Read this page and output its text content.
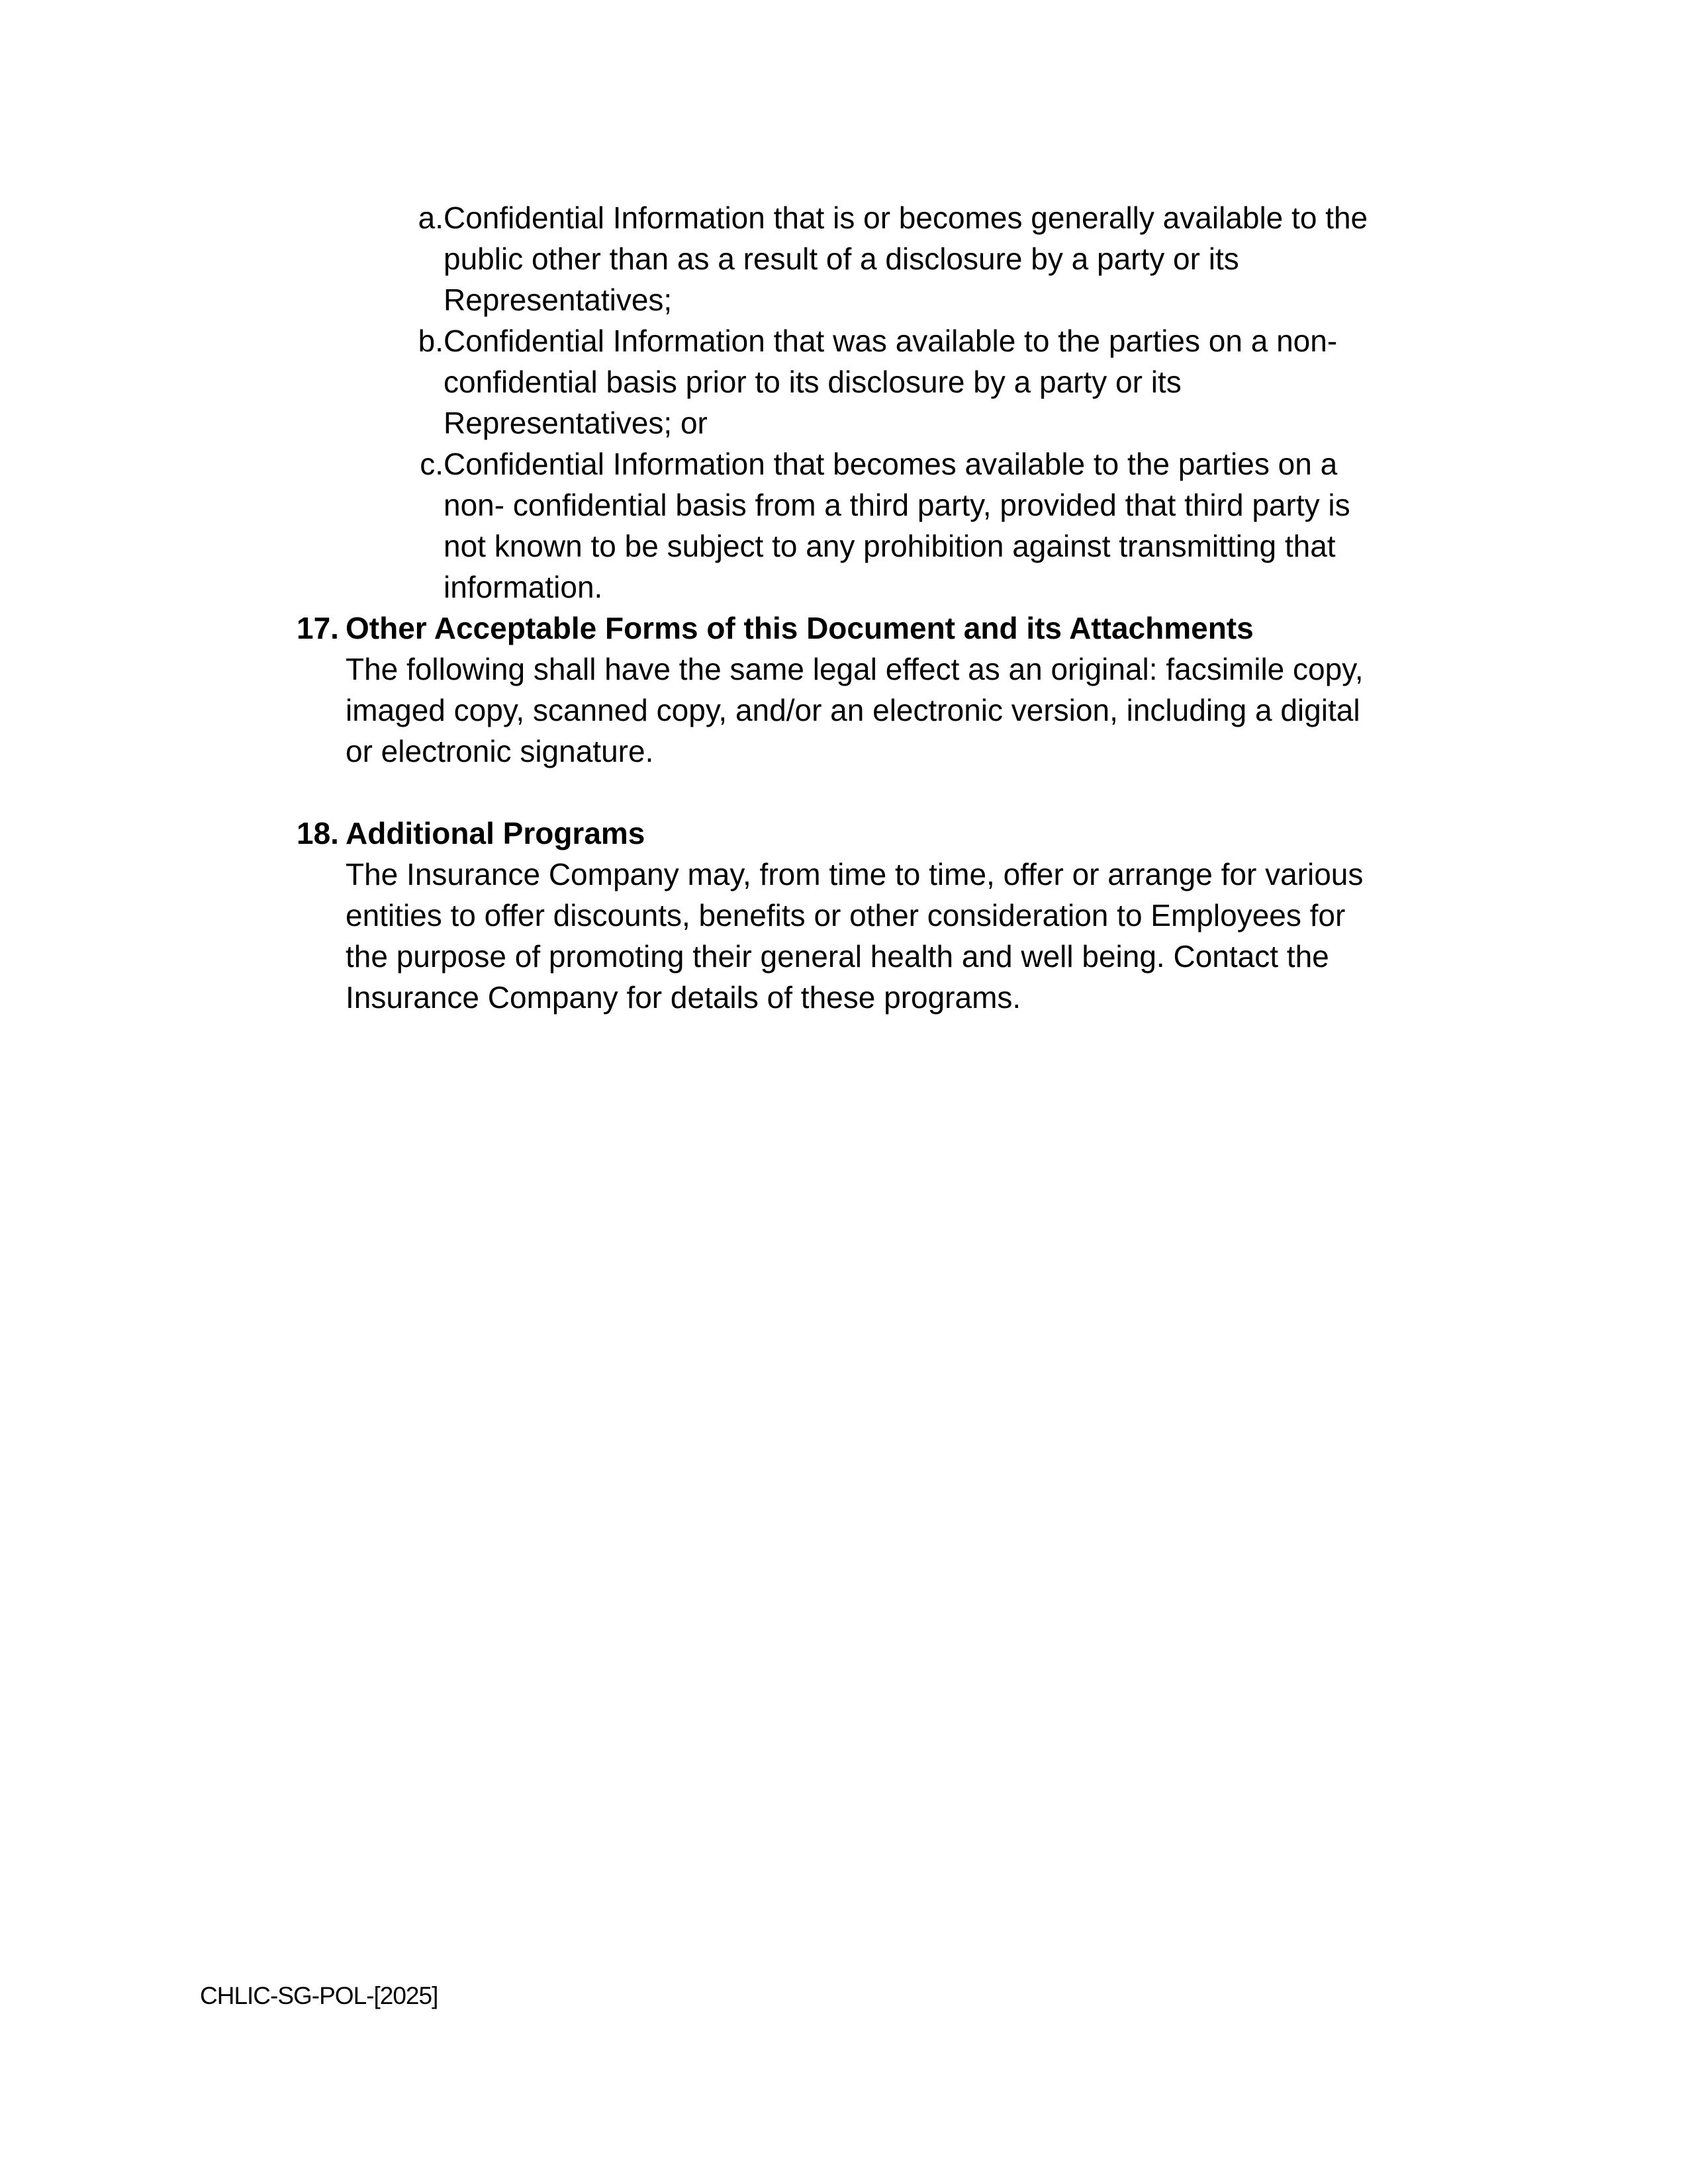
a. Confidential Information that is or becomes generally available to the
public other than as a result of a disclosure by a party or its
Representatives;
b. Confidential Information that was available to the parties on a non-
confidential basis prior to its disclosure by a party or its
Representatives; or
c. Confidential Information that becomes available to the parties on a
non- confidential basis from a third party, provided that third party is
not known to be subject to any prohibition against transmitting that
information.
17. Other Acceptable Forms of this Document and its Attachments
The following shall have the same legal effect as an original: facsimile copy,
imaged copy, scanned copy, and/or an electronic version, including a digital
or electronic signature.
18. Additional Programs
The Insurance Company may, from time to time, offer or arrange for various
entities to offer discounts, benefits or other consideration to Employees for
the purpose of promoting their general health and well being. Contact the
Insurance Company for details of these programs.
CHLIC-SG-POL-[2025]
